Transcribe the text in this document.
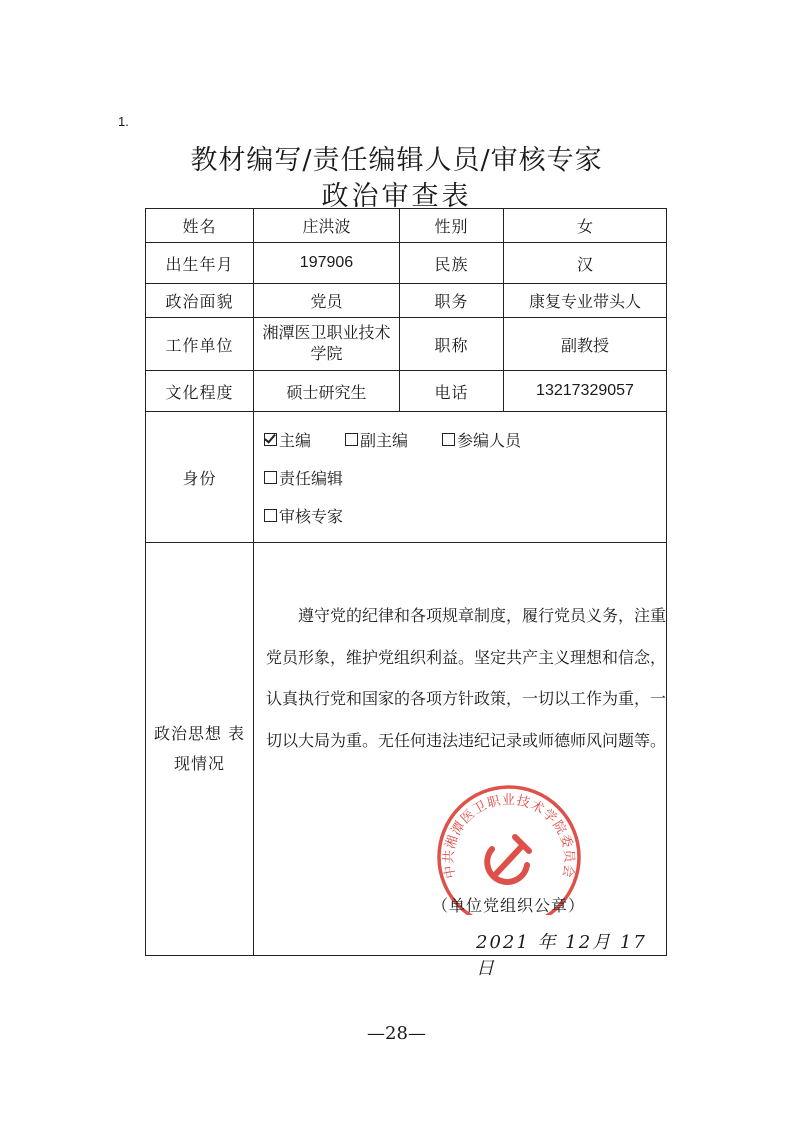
1.
教材编写/责任编辑人员/审核专家
政治审查表
姓名	庄洪波	性别	女
出生年月	197906	民族	汉
政治面貌	党员	职务	康复专业带头人
工作单位	湘潭医卫职业技术学院	职称	副教授
文化程度	硕士研究生	电话	13217329057
身份	主编 副主编 参编人员
责任编辑
审核专家		

政治思想 表现情况	遵守党的纪律和各项规章制度，履行党员义务，注重党员形象，维护党组织利益。坚定共产主义理想和信念，认真执行党和国家的各项方针政策，一切以工作为重，一切以大局为重。无任何违法违纪记录或师德师风问题等。
中共湘潭医卫职业技术学院委员会
（单位党组织公章）
2021 年 12月 17日		
—28—
